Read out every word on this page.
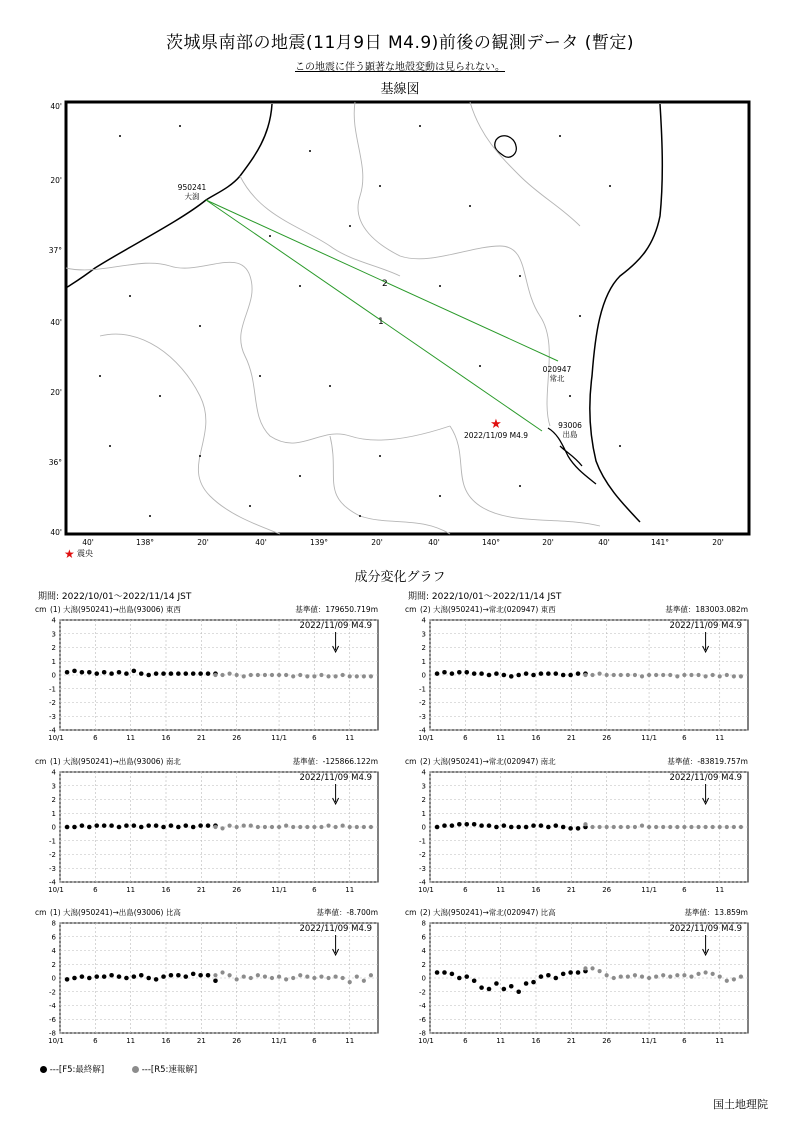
茨城県南部の地震(11月9日 M4.9)前後の観測データ (暫定)
この地震に伴う顕著な地殻変動は見られない。
基線図
2
1
950241
大潟
020947
常北
93006
出島
★
2022/11/09 M4.9
40'
20'
37°
40'
20'
36°
40'
40'	138°	20'	40'	139°	20'	40'	140°	20'	40'	141°	20'
★ 震央
成分変化グラフ
期間: 2022/10/01～2022/11/14 JST	期間: 2022/10/01～2022/11/14 JST
cm (1) 大潟(950241)→出島(93006) 東西	基準値：179650.719m
4
3
2
1
0
-1
-2
-3
-4
10/1	6	11	16	21	26	11/1	6	11
2022/11/09 M4.9
cm (2) 大潟(950241)→常北(020947) 東西	基準値：183003.082m
4
3
2
1
0
-1
-2
-3
-4
10/1	6	11	16	21	26	11/1	6	11
2022/11/09 M4.9
cm (1) 大潟(950241)→出島(93006) 南北	基準値：-125866.122m
4
3
2
1
0
-1
-2
-3
-4
10/1	6	11	16	21	26	11/1	6	11
2022/11/09 M4.9
cm (2) 大潟(950241)→常北(020947) 南北	基準値：-83819.757m
4
3
2
1
0
-1
-2
-3
-4
10/1	6	11	16	21	26	11/1	6	11
2022/11/09 M4.9
cm (1) 大潟(950241)→出島(93006) 比高	基準値：-8.700m
8
6
4
2
0
-2
-4
-6
-8
10/1	6	11	16	21	26	11/1	6	11
2022/11/09 M4.9
cm (2) 大潟(950241)→常北(020947) 比高	基準値：13.859m
8
6
4
2
0
-2
-4
-6
-8
10/1	6	11	16	21	26	11/1	6	11
2022/11/09 M4.9
---[F5:最終解]	---[R5:速報解]
国土地理院
